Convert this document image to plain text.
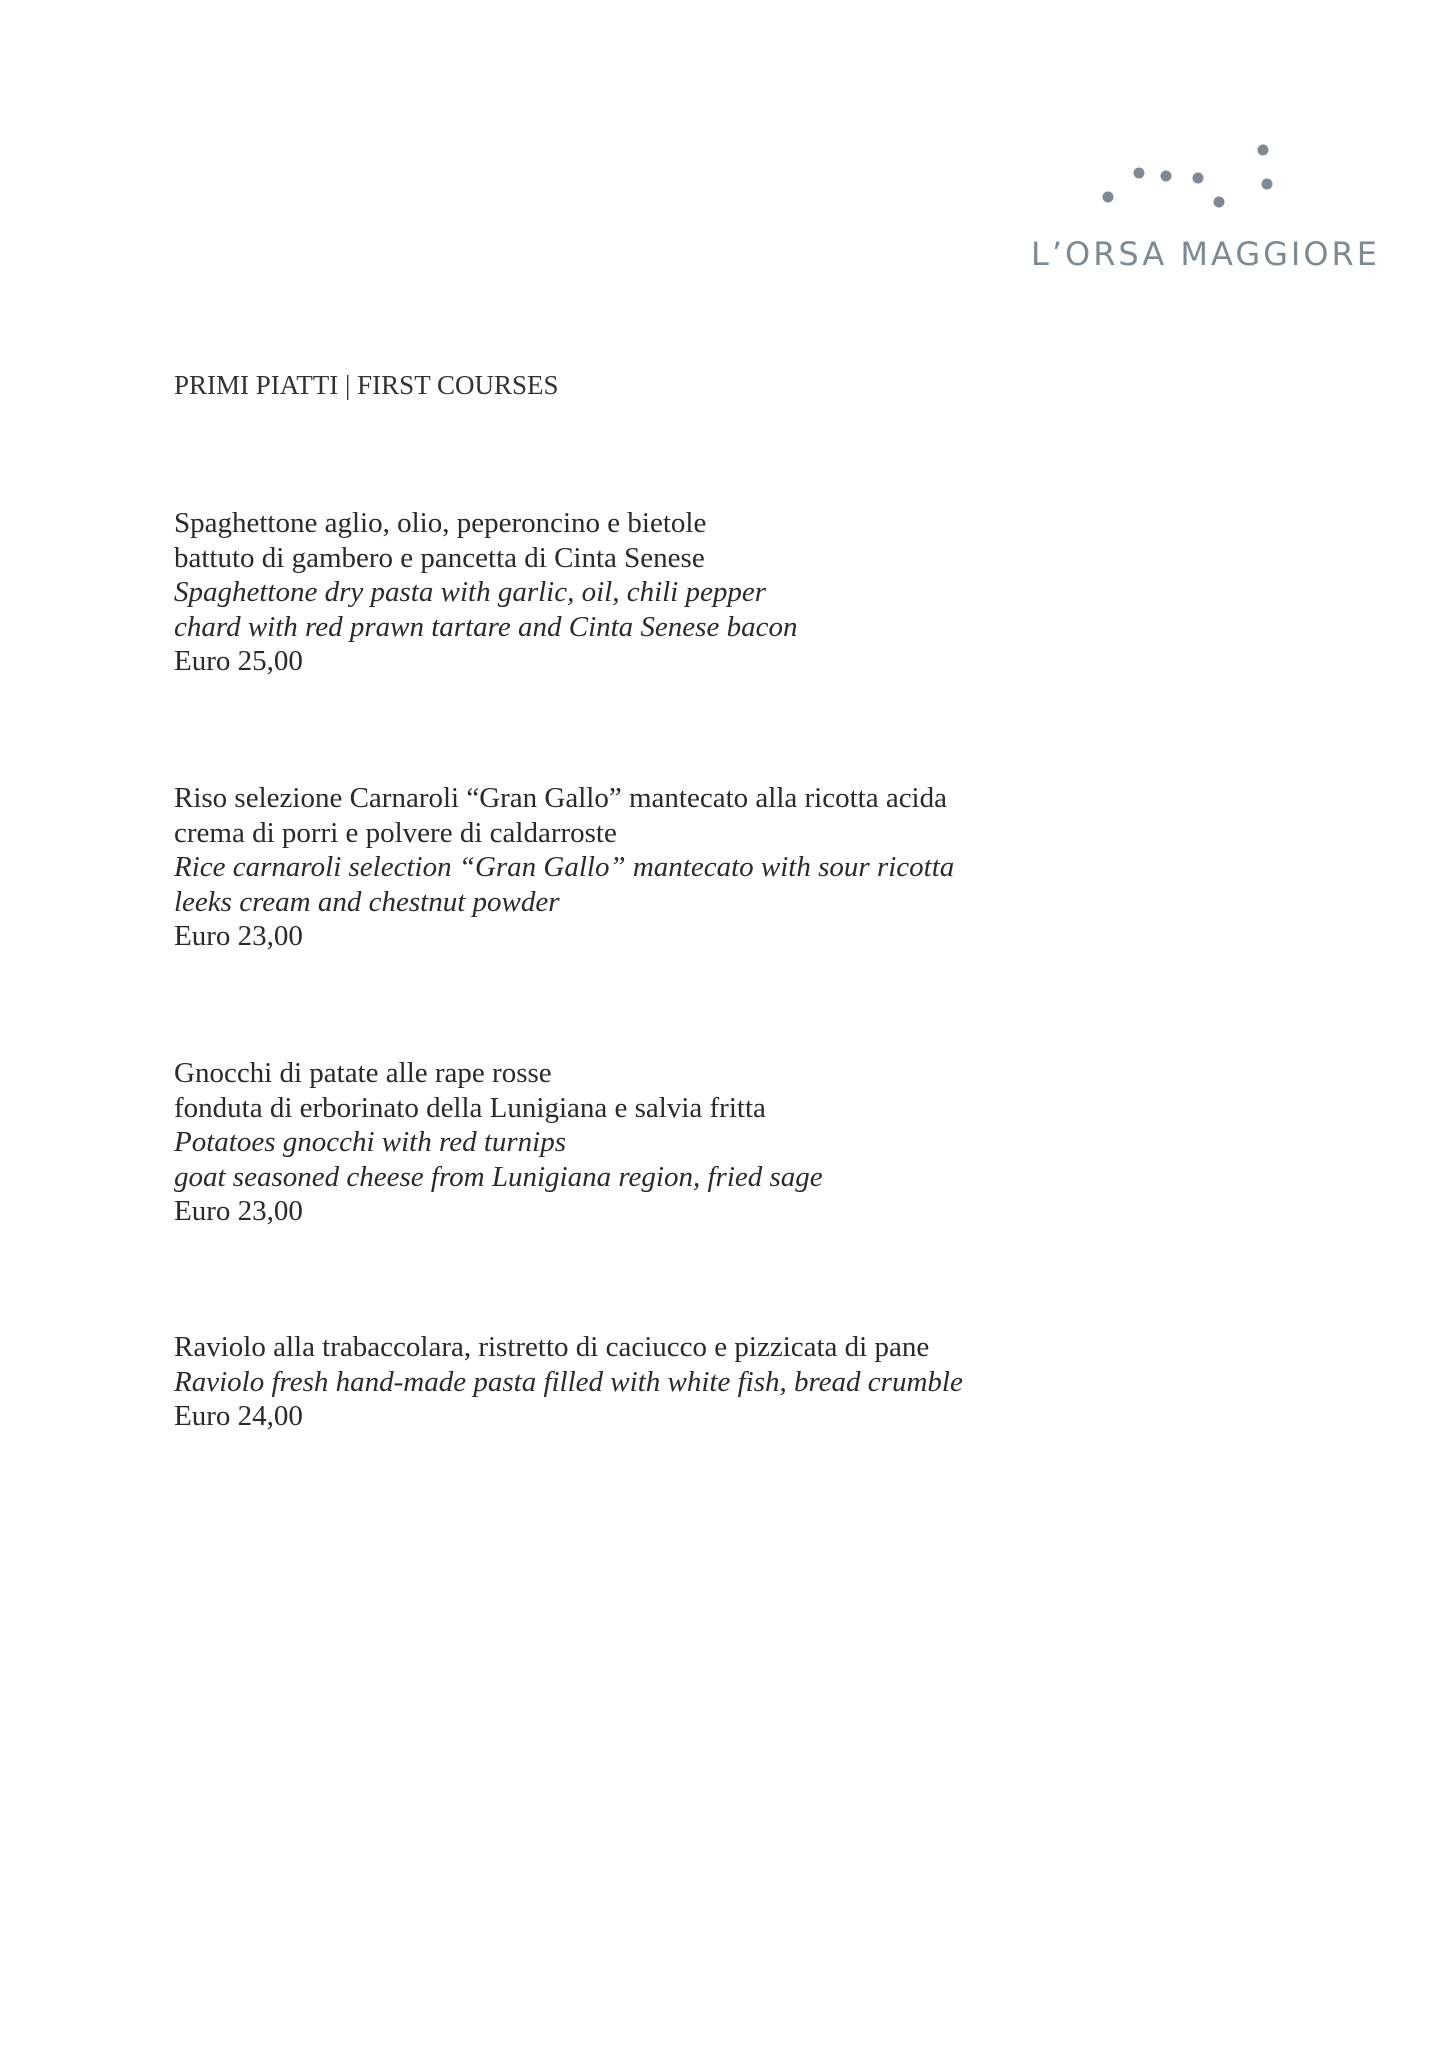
L’ORSA MAGGIORE
PRIMI PIATTI | FIRST COURSES
Spaghettone aglio, olio, peperoncino e bietole
battuto di gambero e pancetta di Cinta Senese
Spaghettone dry pasta with garlic, oil, chili pepper
chard with red prawn tartare and Cinta Senese bacon
Euro 25,00
Riso selezione Carnaroli “Gran Gallo” mantecato alla ricotta acida
crema di porri e polvere di caldarroste
Rice carnaroli selection “Gran Gallo” mantecato with sour ricotta
leeks cream and chestnut powder
Euro 23,00
Gnocchi di patate alle rape rosse
fonduta di erborinato della Lunigiana e salvia fritta
Potatoes gnocchi with red turnips
goat seasoned cheese from Lunigiana region, fried sage
Euro 23,00
Raviolo alla trabaccolara, ristretto di caciucco e pizzicata di pane
Raviolo fresh hand-made pasta filled with white fish, bread crumble
Euro 24,00
